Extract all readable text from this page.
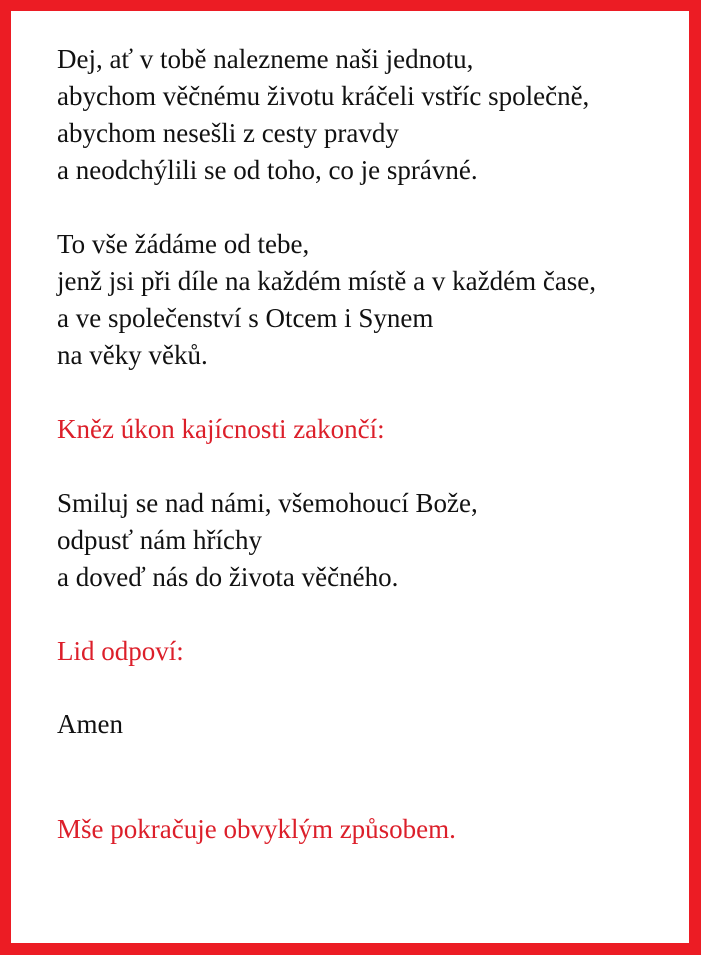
Dej, ať v tobě nalezneme naši jednotu,
abychom věčnému životu kráčeli vstříc společně,
abychom nesešli z cesty pravdy
a neodchýlili se od toho, co je správné.
To vše žádáme od tebe,
jenž jsi při díle na každém místě a v každém čase,
a ve společenství s Otcem i Synem
na věky věků.
Kněz úkon kajícnosti zakončí:
Smiluj se nad námi, všemohoucí Bože,
odpusť nám hříchy
a doveď nás do života věčného.
Lid odpoví:
Amen
Mše pokračuje obvyklým způsobem.
